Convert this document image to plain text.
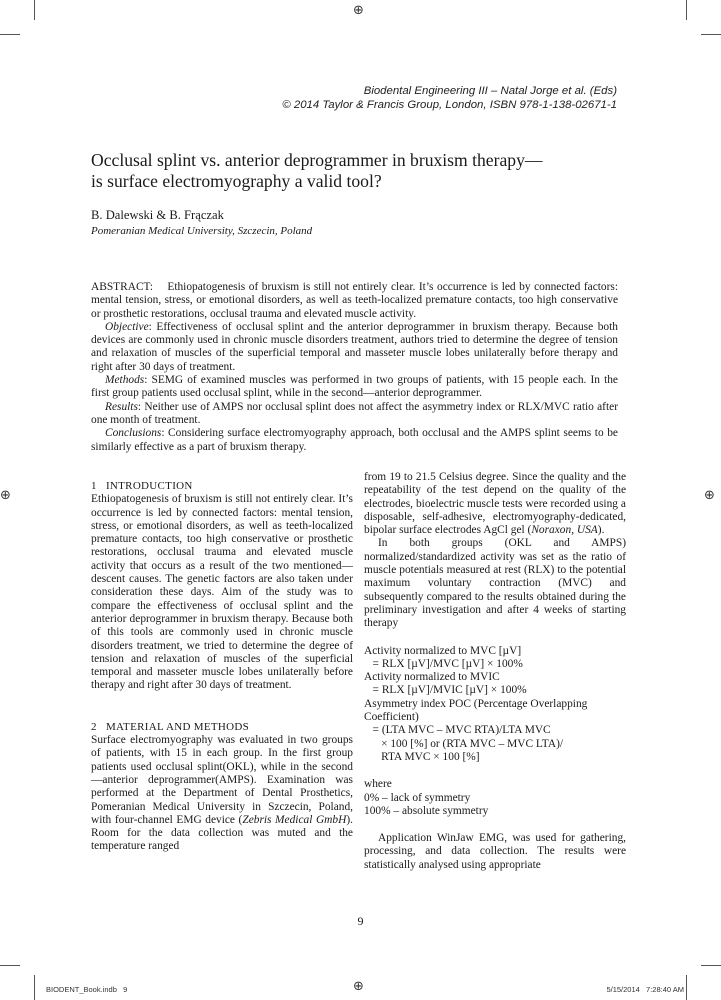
⊕
⊕	⊕
⊕
Biodental Engineering III – Natal Jorge et al. (Eds)
© 2014 Taylor & Francis Group, London, ISBN 978-1-138-02671-1
Occlusal splint vs. anterior deprogrammer in bruxism therapy—
is surface electromyography a valid tool?
B. Dalewski & B. Frączak
Pomeranian Medical University, Szczecin, Poland

ABSTRACT: Ethiopatogenesis of bruxism is still not entirely clear. It’s occurrence is led by connected factors: mental tension, stress, or emotional disorders, as well as teeth-localized premature contacts, too high conservative or prosthetic restorations, occlusal trauma and elevated muscle activity.

Objective: Effectiveness of occlusal splint and the anterior deprogrammer in bruxism therapy. Because both devices are commonly used in chronic muscle disorders treatment, authors tried to determine the degree of tension and relaxation of muscles of the superficial temporal and masseter muscle lobes unilaterally before therapy and right after 30 days of treatment.

Methods: SEMG of examined muscles was performed in two groups of patients, with 15 people each. In the first group patients used occlusal splint, while in the second—anterior deprogrammer.

Results: Neither use of AMPS nor occlusal splint does not affect the asymmetry index or RLX/MVC ratio after one month of treatment.

Conclusions: Considering surface electromyography approach, both occlusal and the AMPS splint seems to be similarly effective as a part of bruxism therapy.

1   INTRODUCTION

Ethiopatogenesis of bruxism is still not entirely clear. It’s occurrence is led by connected factors: mental tension, stress, or emotional disorders, as well as teeth-localized premature contacts, too high conservative or prosthetic restorations, occlusal trauma and elevated muscle activity that occurs as a result of the two mentioned—descent causes. The genetic factors are also taken under consideration these days. Aim of the study was to compare the effectiveness of occlusal splint and the anterior deprogrammer in bruxism therapy. Because both of this tools are commonly used in chronic muscle disorders treatment, we tried to determine the degree of tension and relaxation of muscles of the superficial temporal and masseter muscle lobes unilaterally before therapy and right after 30 days of treatment.

2   MATERIAL AND METHODS

Surface electromyography was evaluated in two groups of patients, with 15 in each group. In the first group patients used occlusal splint(OKL), while in the second—anterior deprogrammer(AMPS). Examination was performed at the Department of Dental Prosthetics, Pomeranian Medical University in Szczecin, Poland, with four-channel EMG device (Zebris Medical GmbH). Room for the data collection was muted and the temperature ranged

from 19 to 21.5 Celsius degree. Since the quality and the repeatability of the test depend on the quality of the electrodes, bioelectric muscle tests were recorded using a disposable, self-adhesive, electromyography-dedicated, bipolar surface electrodes AgCl gel (Noraxon, USA).

In both groups (OKL and AMPS) normalized/standardized activity was set as the ratio of muscle potentials measured at rest (RLX) to the potential maximum voluntary contraction (MVC) and subsequently compared to the results obtained during the preliminary investigation and after 4 weeks of starting therapy

Activity normalized to MVC [µV]

= RLX [µV]/MVC [µV] × 100%

Activity normalized to MVIC

= RLX [µV]/MVIC [µV] × 100%

Asymmetry index POC (Percentage Overlapping

Coefficient)

= (LTA MVC – MVC RTA)/LTA MVC

× 100 [%] or (RTA MVC – MVC LTA)/

RTA MVC × 100 [%]

where

0% – lack of symmetry

100% – absolute symmetry

Application WinJaw EMG, was used for gathering, processing, and data collection. The results were statistically analysed using appropriate

9
BIODENT_Book.indb   9	5/15/2014   7:28:40 AM
